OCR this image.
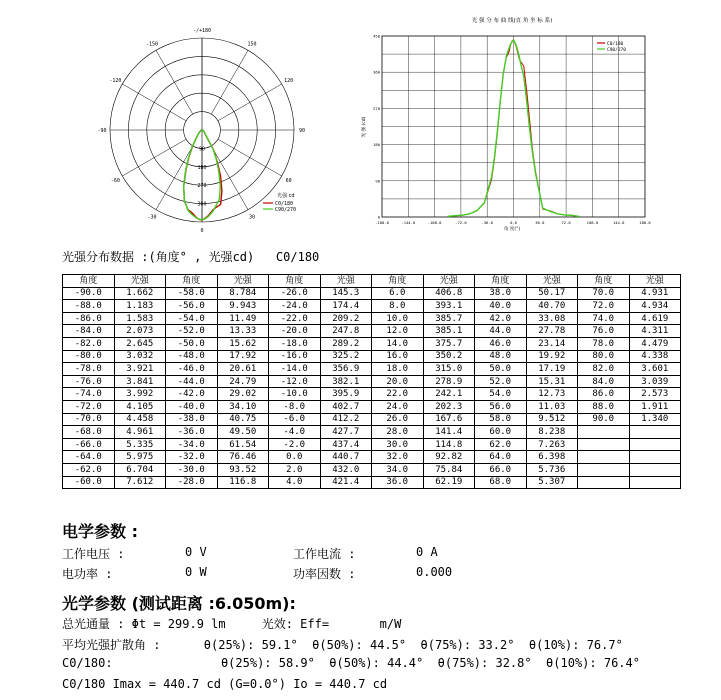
-/+180
150
120
90
60
30
0
-30
-60
-90
-120
-150
90
180
270
360
光强 cd
C0/180
C90/270
光 强 分 布 曲 线(直 角 坐 标 系)
-180.0	-144.0	-108.0	-72.0	-36.0	0.0	36.0	72.0	108.0	144.0	180.0
0
90
180
270
360
450
角 度(°)
光 强 (cd)
C0/180
C90/270
光强分布数据 :(角度° , 光强cd)   C0/180
角度	光强	角度	光强	角度	光强	角度	光强	角度	光强	角度	光强
-90.0	1.662	-58.0	8.784	-26.0	145.3	6.0	406.8	38.0	50.17	70.0	4.931
-88.0	1.183	-56.0	9.943	-24.0	174.4	8.0	393.1	40.0	40.70	72.0	4.934
-86.0	1.583	-54.0	11.49	-22.0	209.2	10.0	385.7	42.0	33.08	74.0	4.619
-84.0	2.073	-52.0	13.33	-20.0	247.8	12.0	385.1	44.0	27.78	76.0	4.311
-82.0	2.645	-50.0	15.62	-18.0	289.2	14.0	375.7	46.0	23.14	78.0	4.479
-80.0	3.032	-48.0	17.92	-16.0	325.2	16.0	350.2	48.0	19.92	80.0	4.338
-78.0	3.921	-46.0	20.61	-14.0	356.9	18.0	315.0	50.0	17.19	82.0	3.601
-76.0	3.841	-44.0	24.79	-12.0	382.1	20.0	278.9	52.0	15.31	84.0	3.039
-74.0	3.992	-42.0	29.02	-10.0	395.9	22.0	242.1	54.0	12.73	86.0	2.573
-72.0	4.105	-40.0	34.10	-8.0	402.7	24.0	202.3	56.0	11.03	88.0	1.911
-70.0	4.458	-38.0	40.75	-6.0	412.2	26.0	167.6	58.0	9.512	90.0	1.340
-68.0	4.961	-36.0	49.50	-4.0	427.7	28.0	141.4	60.0	8.238		
-66.0	5.335	-34.0	61.54	-2.0	437.4	30.0	114.8	62.0	7.263		
-64.0	5.975	-32.0	76.46	0.0	440.7	32.0	92.82	64.0	6.398		
-62.0	6.704	-30.0	93.52	2.0	432.0	34.0	75.84	66.0	5.736		
-60.0	7.612	-28.0	116.8	4.0	421.4	36.0	62.19	68.0	5.307		
电学参数 :
工作电压 :	0 V	工作电流 :	0 A
电功率 :	0 W	功率因数 :	0.000
光学参数 (测试距离 :6.050m):
总光通量 : Φt = 299.9 lm     光效: Eff=       m/W
平均光强扩散角 :      θ(25%): 59.1°  θ(50%): 44.5°  θ(75%): 33.2°  θ(10%): 76.7°
C0/180:               θ(25%): 58.9°  θ(50%): 44.4°  θ(75%): 32.8°  θ(10%): 76.4°
C0/180 Imax = 440.7 cd (G=0.0°) Io = 440.7 cd
